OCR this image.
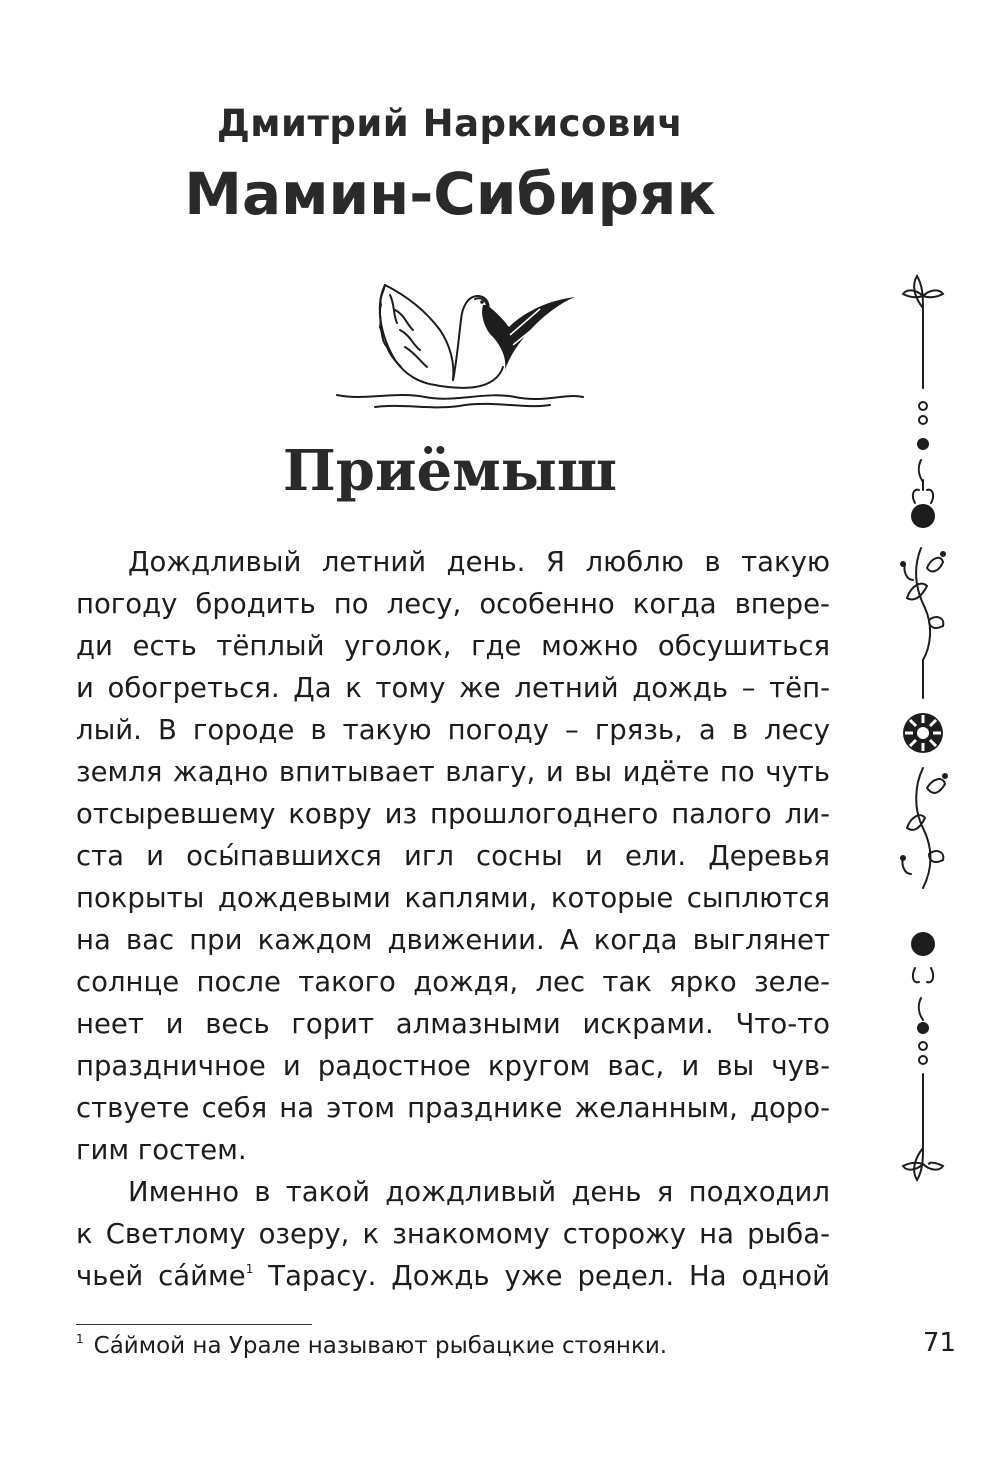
Дмитрий Наркисович
Мамин-Сибиряк
Приёмыш
Дождливый летний день. Я люблю в такую
погоду бродить по лесу, особенно когда впере-
ди есть тёплый уголок, где можно обсушиться
и обогреться. Да к тому же летний дождь – тёп-
лый. В городе в такую погоду – грязь, а в лесу
земля жадно впитывает влагу, и вы идёте по чуть
отсыревшему ковру из прошлогоднего палого ли-
ста и оcы́павшихся игл сосны и ели. Деревья
покрыты дождевыми каплями, которые сыплются
на вас при каждом движении. А когда выглянет
солнце после такого дождя, лес так ярко зеле-
неет и весь горит алмазными искрами. Что-то
праздничное и радостное кругом вас, и вы чув-
ствуете себя на этом празднике желанным, доро-
гим гостем.
Именно в такой дождливый день я подходил
к Светлому озеру, к знакомому сторожу на рыба-
чьей са́йме$^1$ Тарасу. Дождь уже редел. На одной
$^1$ Са́ймой на Урале называют рыбацкие стоянки.	71
